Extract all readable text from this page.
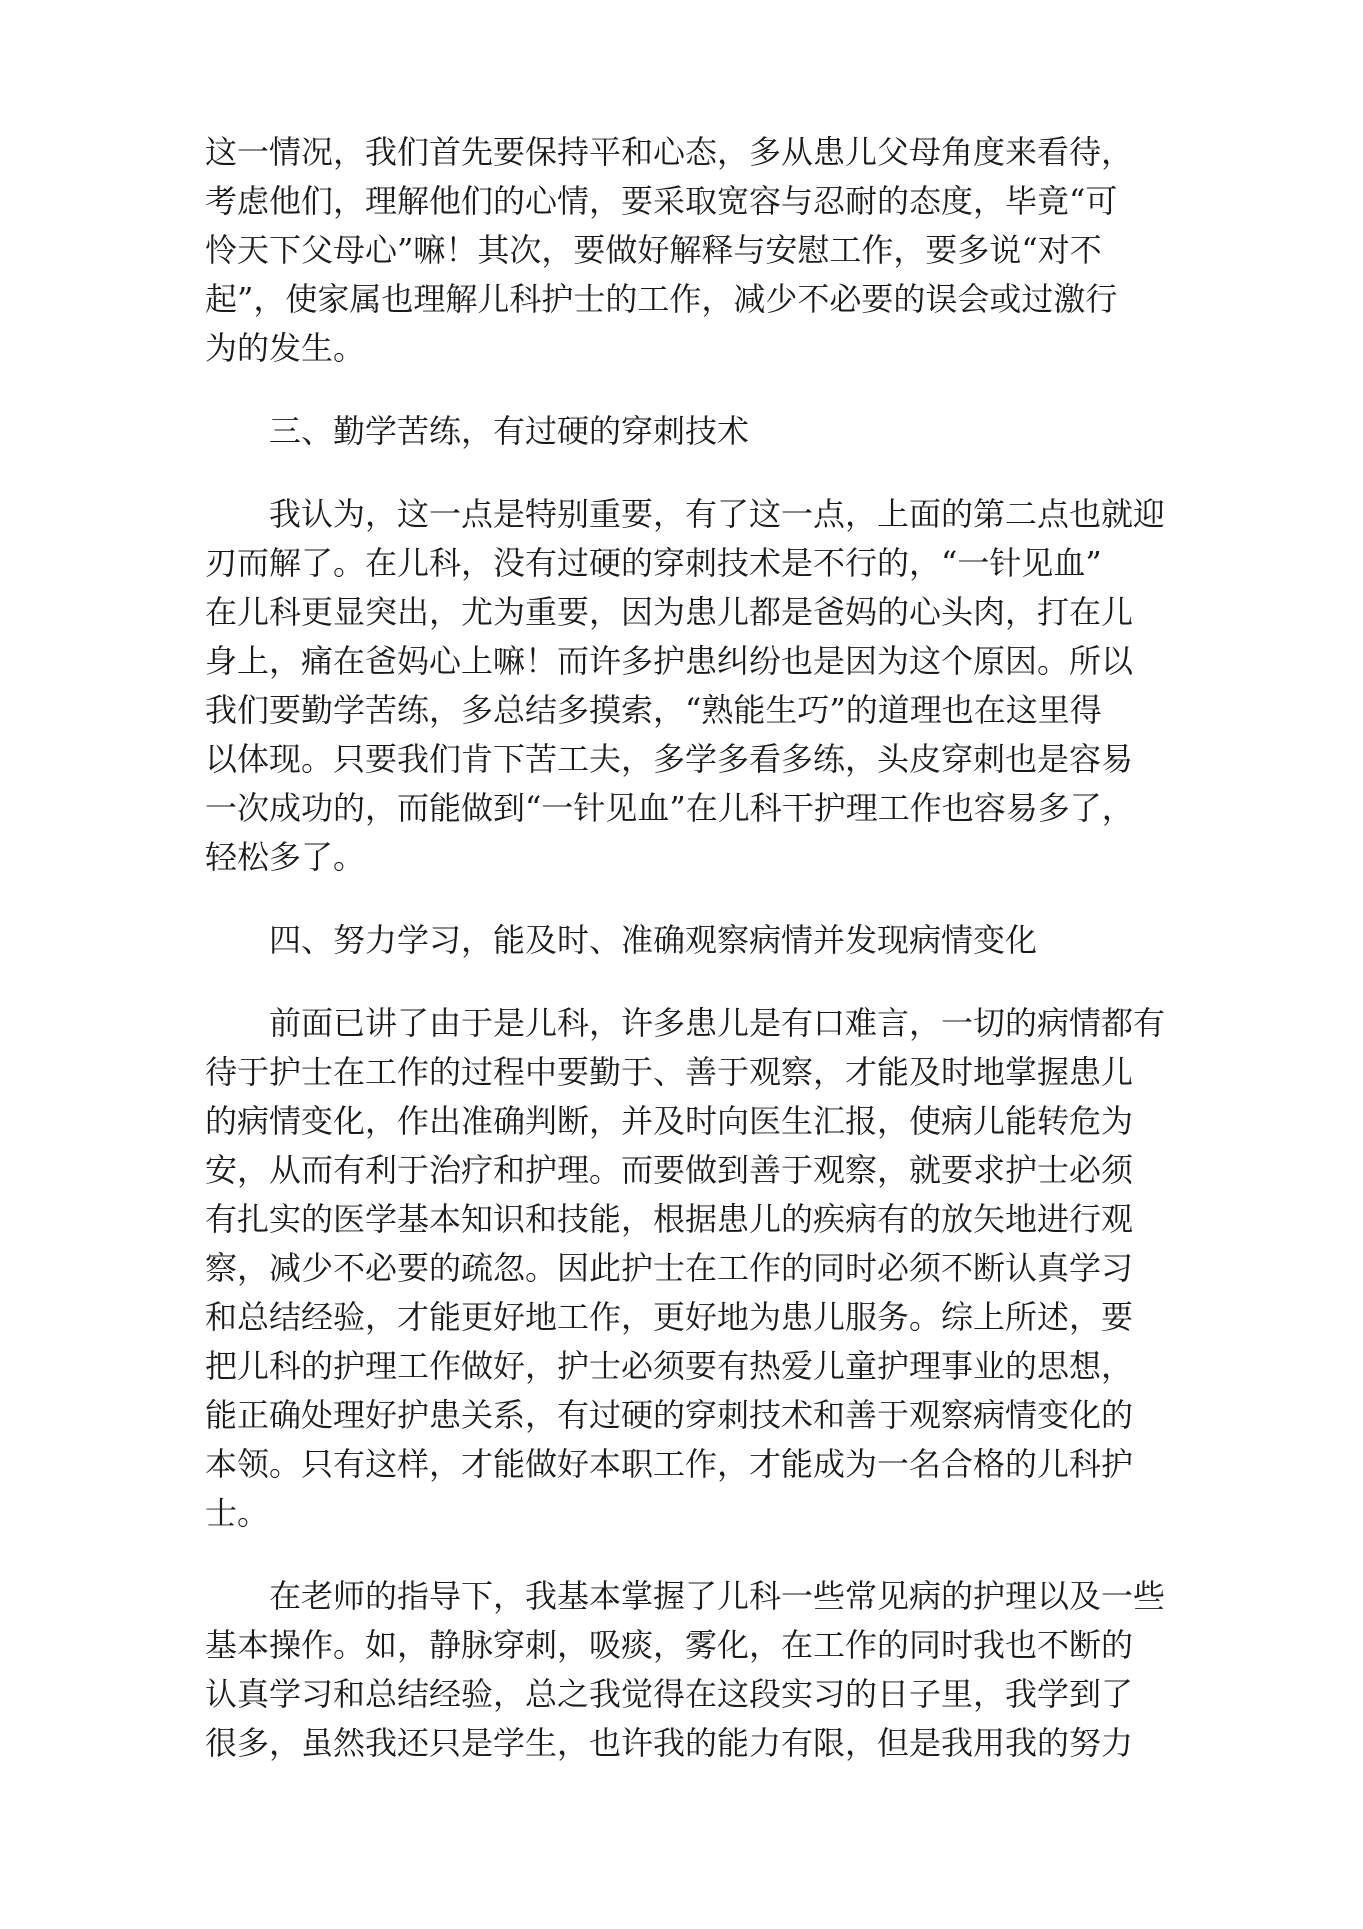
这一情况，我们首先要保持平和心态，多从患儿父母角度来看待，
考虑他们，理解他们的心情，要采取宽容与忍耐的态度，毕竟“可
怜天下父母心”嘛！其次，要做好解释与安慰工作，要多说“对不
起”，使家属也理解儿科护士的工作，减少不必要的误会或过激行
为的发生。
　　三、勤学苦练，有过硬的穿刺技术
　　我认为，这一点是特别重要，有了这一点，上面的第二点也就迎
刃而解了。在儿科，没有过硬的穿刺技术是不行的，“一针见血”
在儿科更显突出，尤为重要，因为患儿都是爸妈的心头肉，打在儿
身上，痛在爸妈心上嘛！而许多护患纠纷也是因为这个原因。所以
我们要勤学苦练，多总结多摸索，“熟能生巧”的道理也在这里得
以体现。只要我们肯下苦工夫，多学多看多练，头皮穿刺也是容易
一次成功的，而能做到“一针见血”在儿科干护理工作也容易多了，
轻松多了。
　　四、努力学习，能及时、准确观察病情并发现病情变化
　　前面已讲了由于是儿科，许多患儿是有口难言，一切的病情都有
待于护士在工作的过程中要勤于、善于观察，才能及时地掌握患儿
的病情变化，作出准确判断，并及时向医生汇报，使病儿能转危为
安，从而有利于治疗和护理。而要做到善于观察，就要求护士必须
有扎实的医学基本知识和技能，根据患儿的疾病有的放矢地进行观
察，减少不必要的疏忽。因此护士在工作的同时必须不断认真学习
和总结经验，才能更好地工作，更好地为患儿服务。综上所述，要
把儿科的护理工作做好，护士必须要有热爱儿童护理事业的思想，
能正确处理好护患关系，有过硬的穿刺技术和善于观察病情变化的
本领。只有这样，才能做好本职工作，才能成为一名合格的儿科护
士。
　　在老师的指导下，我基本掌握了儿科一些常见病的护理以及一些
基本操作。如，静脉穿刺，吸痰，雾化，在工作的同时我也不断的
认真学习和总结经验，总之我觉得在这段实习的日子里，我学到了
很多，虽然我还只是学生，也许我的能力有限，但是我用我的努力
